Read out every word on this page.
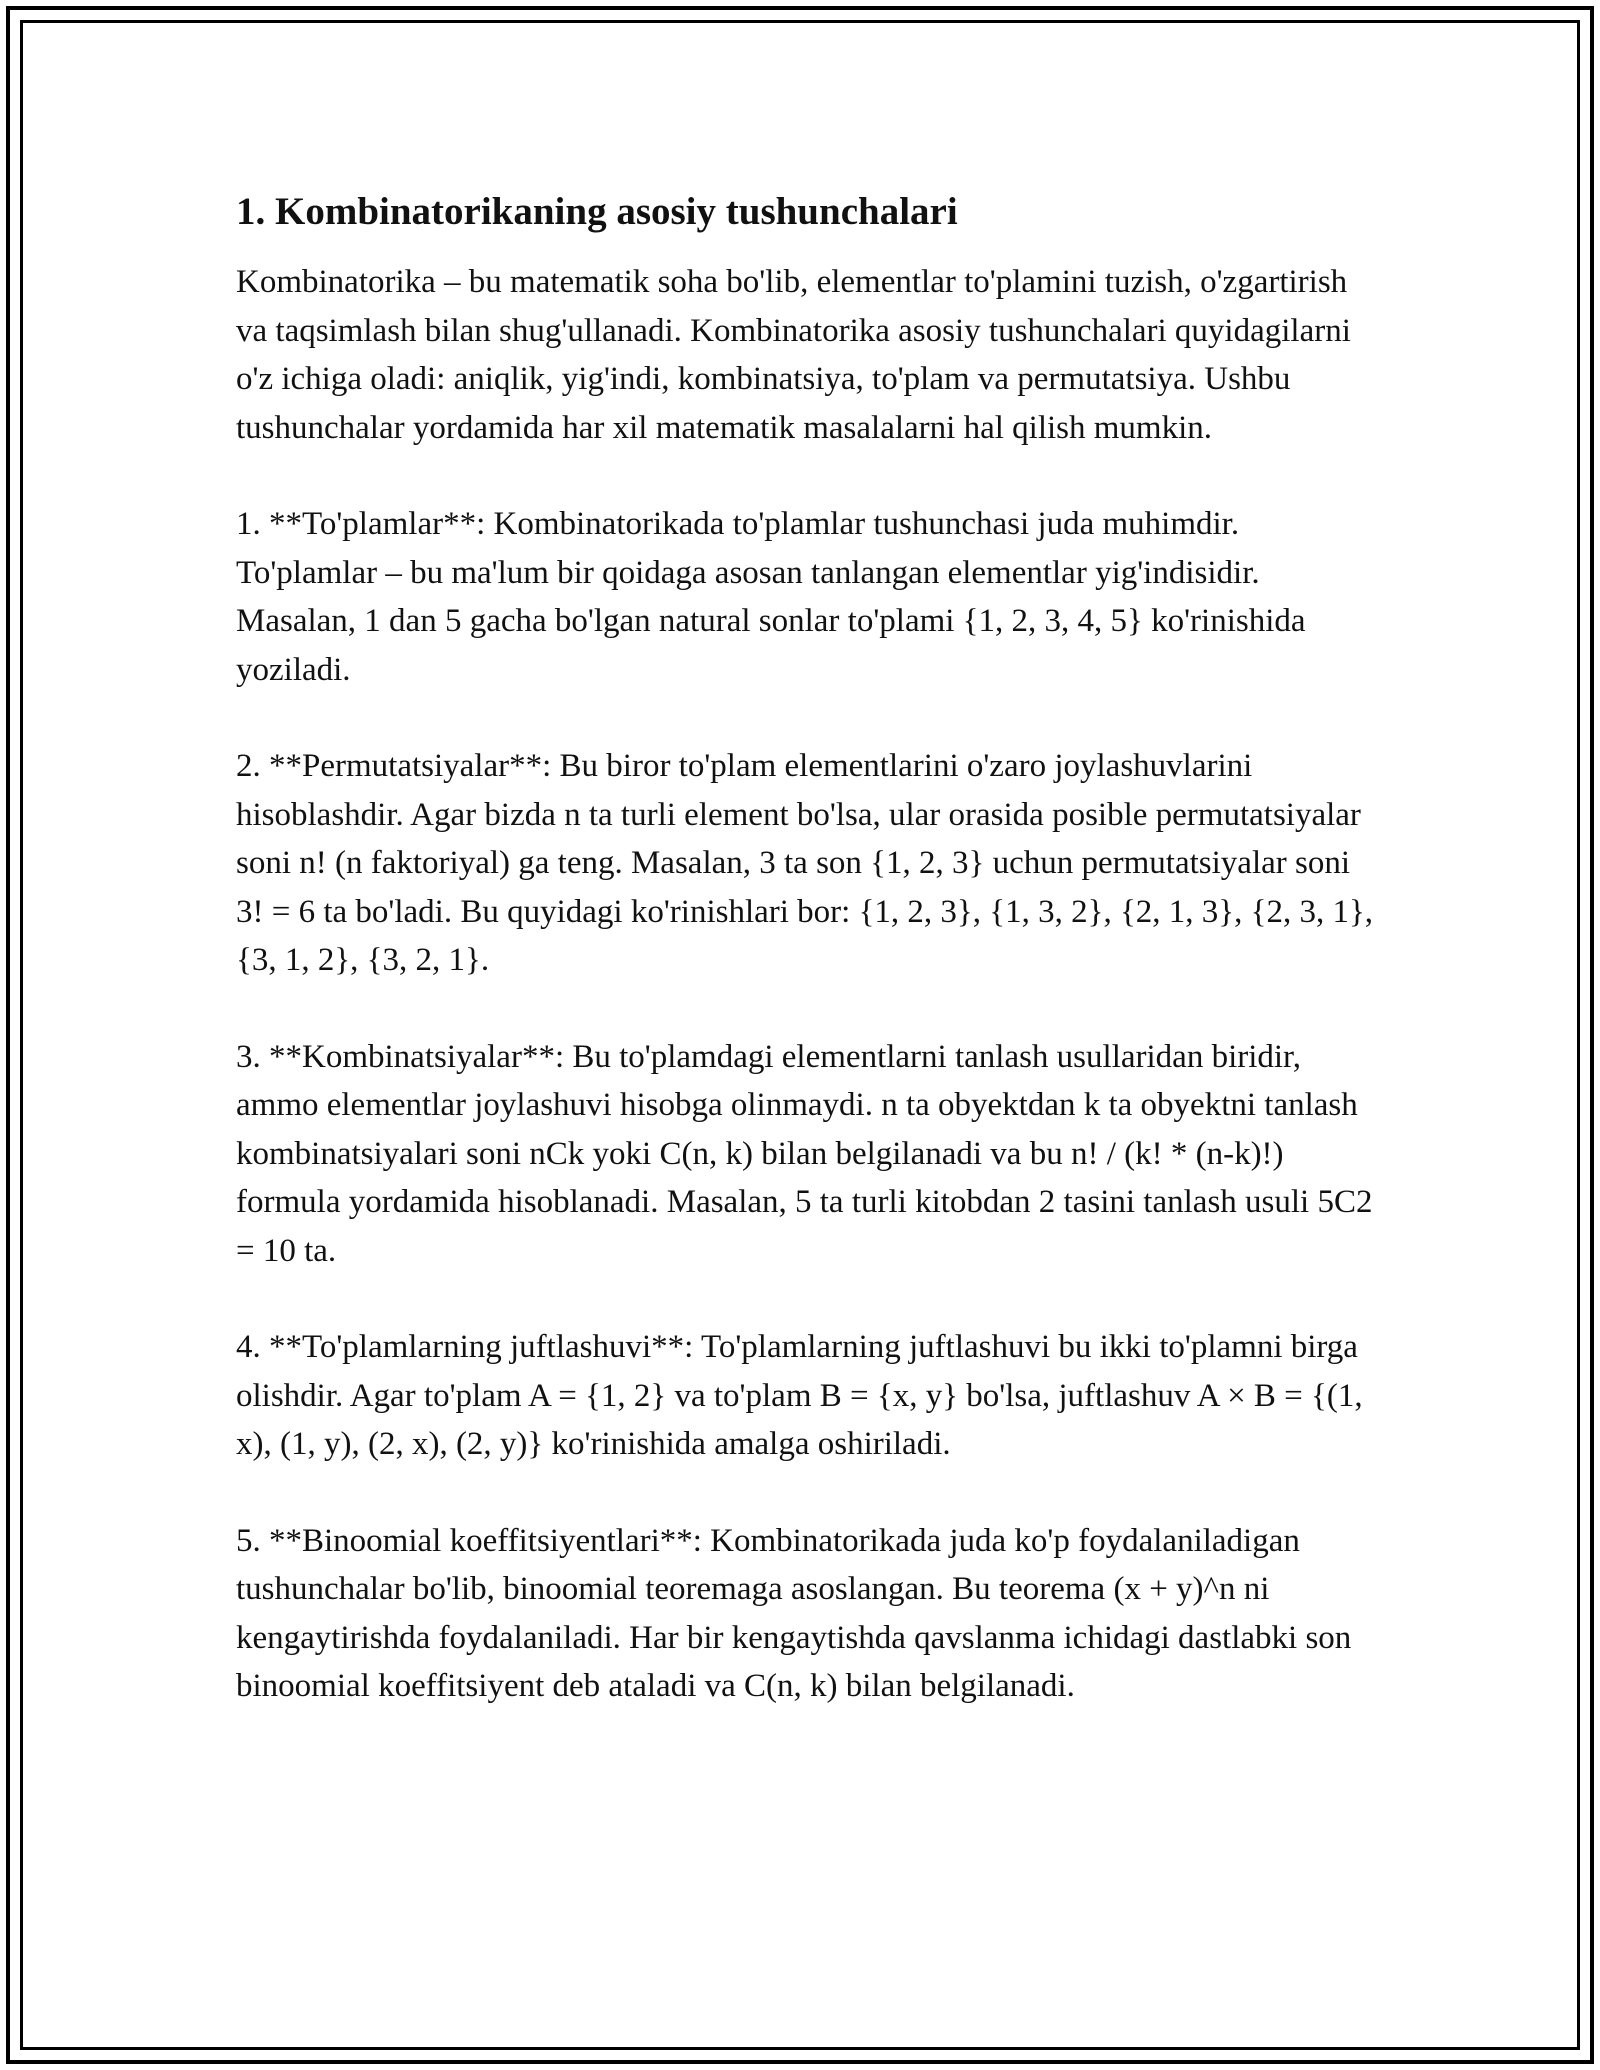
1. Kombinatorikaning asosiy tushunchalari

Kombinatorika – bu matematik soha bo'lib, elementlar to'plamini tuzish, o'zgartirish va taqsimlash bilan shug'ullanadi. Kombinatorika asosiy tushunchalari quyidagilarni o'z ichiga oladi: aniqlik, yig'indi, kombinatsiya, to'plam va permutatsiya. Ushbu tushunchalar yordamida har xil matematik masalalarni hal qilish mumkin.

1. **To'plamlar**: Kombinatorikada to'plamlar tushunchasi juda muhimdir. To'plamlar – bu ma'lum bir qoidaga asosan tanlangan elementlar yig'indisidir. Masalan, 1 dan 5 gacha bo'lgan natural sonlar to'plami {1, 2, 3, 4, 5} ko'rinishida yoziladi.

2. **Permutatsiyalar**: Bu biror to'plam elementlarini o'zaro joylashuvlarini hisoblashdir. Agar bizda n ta turli element bo'lsa, ular orasida posible permutatsiyalar soni n! (n faktoriyal) ga teng. Masalan, 3 ta son {1, 2, 3} uchun permutatsiyalar soni 3! = 6 ta bo'ladi. Bu quyidagi ko'rinishlari bor: {1, 2, 3}, {1, 3, 2}, {2, 1, 3}, {2, 3, 1}, {3, 1, 2}, {3, 2, 1}.

3. **Kombinatsiyalar**: Bu to'plamdagi elementlarni tanlash usullaridan biridir, ammo elementlar joylashuvi hisobga olinmaydi. n ta obyektdan k ta obyektni tanlash kombinatsiyalari soni nCk yoki C(n, k) bilan belgilanadi va bu n! / (k! * (n-k)!) formula yordamida hisoblanadi. Masalan, 5 ta turli kitobdan 2 tasini tanlash usuli 5C2 = 10 ta.

4. **To'plamlarning juftlashuvi**: To'plamlarning juftlashuvi bu ikki to'plamni birga olishdir. Agar to'plam A = {1, 2} va to'plam B = {x, y} bo'lsa, juftlashuv A × B = {(1, x), (1, y), (2, x), (2, y)} ko'rinishida amalga oshiriladi.

5. **Binoomial koeffitsiyentlari**: Kombinatorikada juda ko'p foydalaniladigan tushunchalar bo'lib, binoomial teoremaga asoslangan. Bu teorema (x + y)^n ni kengaytirishda foydalaniladi. Har bir kengaytishda qavslanma ichidagi dastlabki son binoomial koeffitsiyent deb ataladi va C(n, k) bilan belgilanadi.
